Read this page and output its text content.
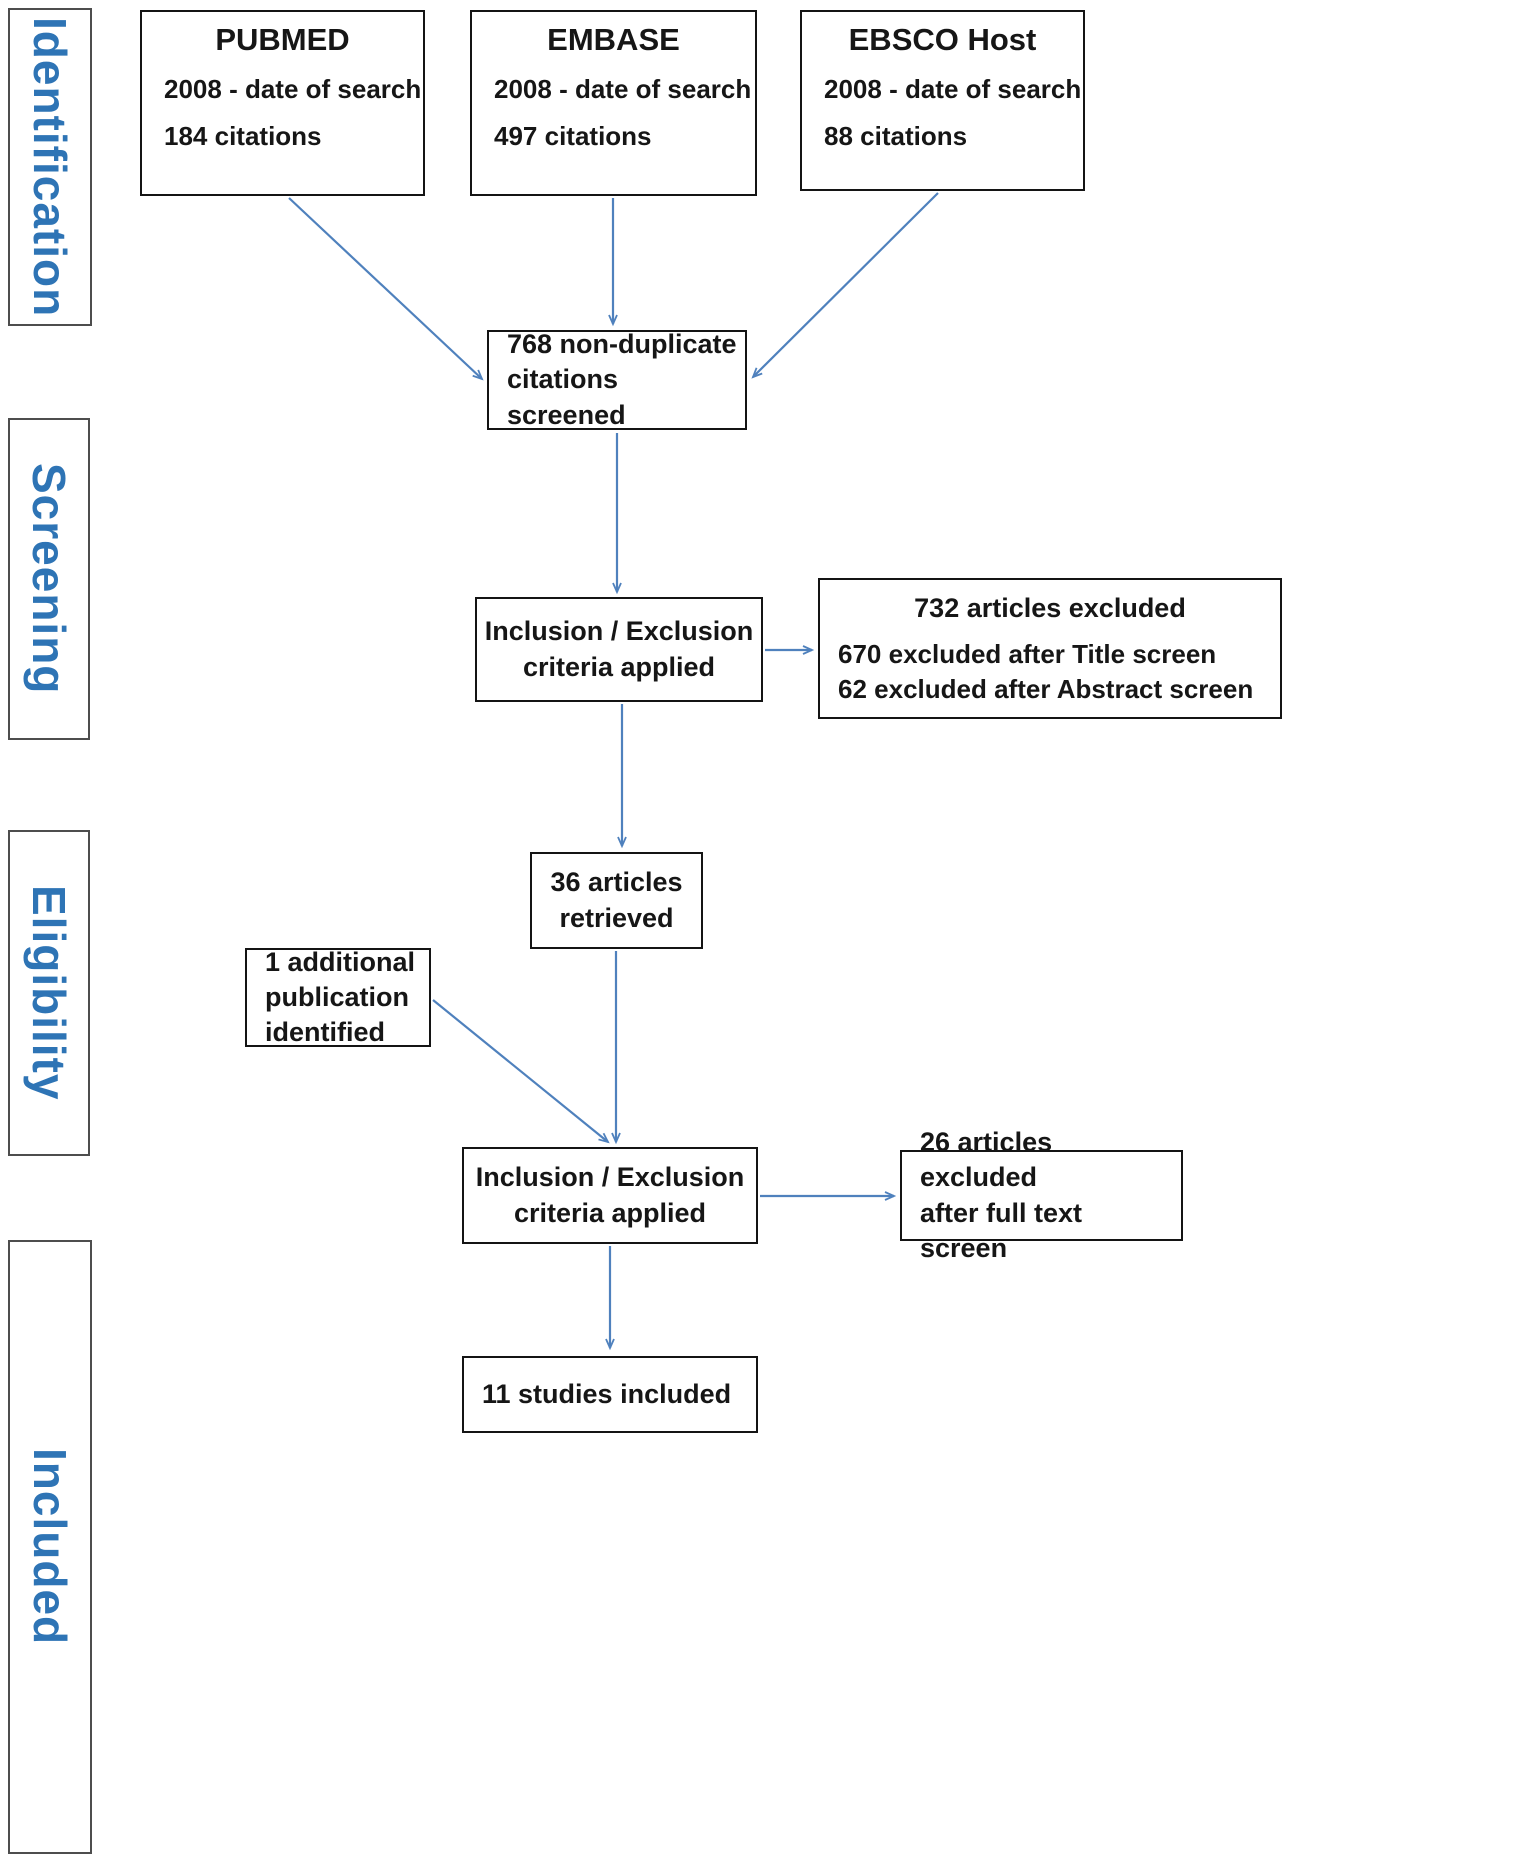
Identification
Screening
Eligibility
Included
PUBMED
2008 - date of search
184 citations
EMBASE
2008 - date of search
497 citations
EBSCO Host
2008 - date of search
88 citations
768 non-duplicate
citations screened
Inclusion / Exclusion
criteria applied
732 articles excluded
670 excluded after Title screen
62 excluded after Abstract screen
36 articles
retrieved
1 additional
publication
identified
Inclusion / Exclusion
criteria applied
26 articles excluded
after full text screen
11 studies included
